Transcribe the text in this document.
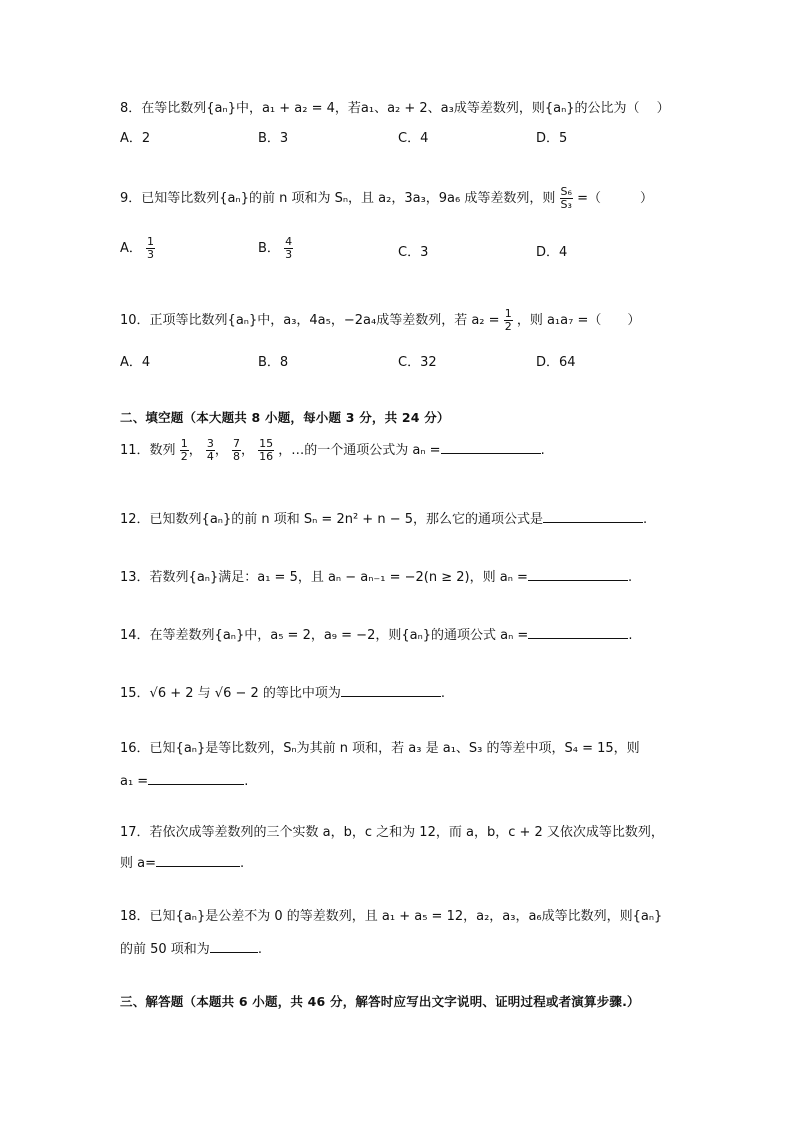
8．在等比数列{aₙ}中，a₁ + a₂ = 4，若a₁、a₂ + 2、a₃成等差数列，则{aₙ}的公比为（　 ）
A．2	B．3	C．4	D．5
9．已知等比数列{aₙ}的前 n 项和为 Sₙ，且 a₂，3a₃，9a₆ 成等差数列，则 $\frac{\text{S₆}}{\text{S₃}}$ =（　　　）
A． $\frac{1}{3}$	B． $\frac{4}{3}$	C．3	D．4
10．正项等比数列{aₙ}中，a₃，4a₅，−2a₄成等差数列，若 $a_2 = \frac{1}{2}$ ，则 a₁a₇ =（　　）
A．4	B．8	C．32	D．64
二、填空题（本大题共 8 小题，每小题 3 分，共 24 分）
11．数列 $\frac{1}{2}$ ， $\frac{3}{4}$ ， $\frac{7}{8}$ ， $\frac{15}{16}$ ，…的一个通项公式为 aₙ =	.
12．已知数列{aₙ}的前 n 项和 Sₙ = 2n² + n − 5，那么它的通项公式是	.
13．若数列{aₙ}满足：a₁ = 5，且 aₙ − aₙ₋₁ = −2(n ≥ 2)，则 aₙ =	.
14．在等差数列{aₙ}中，a₅ = 2，a₉ = −2，则{aₙ}的通项公式 aₙ =	.
15．√6 + 2 与 √6 − 2 的等比中项为	.
16．已知{aₙ}是等比数列，Sₙ为其前 n 项和，若 a₃ 是 a₁、S₃ 的等差中项，S₄ = 15，则
a₁ =	.
17．若依次成等差数列的三个实数 a，b，c 之和为 12，而 a，b，c + 2 又依次成等比数列，
则 a=	.
18．已知{aₙ}是公差不为 0 的等差数列，且 a₁ + a₅ = 12，a₂，a₃，a₆成等比数列，则{aₙ}
的前 50 项和为	.
三、解答题（本题共 6 小题，共 46 分，解答时应写出文字说明、证明过程或者演算步骤.）
